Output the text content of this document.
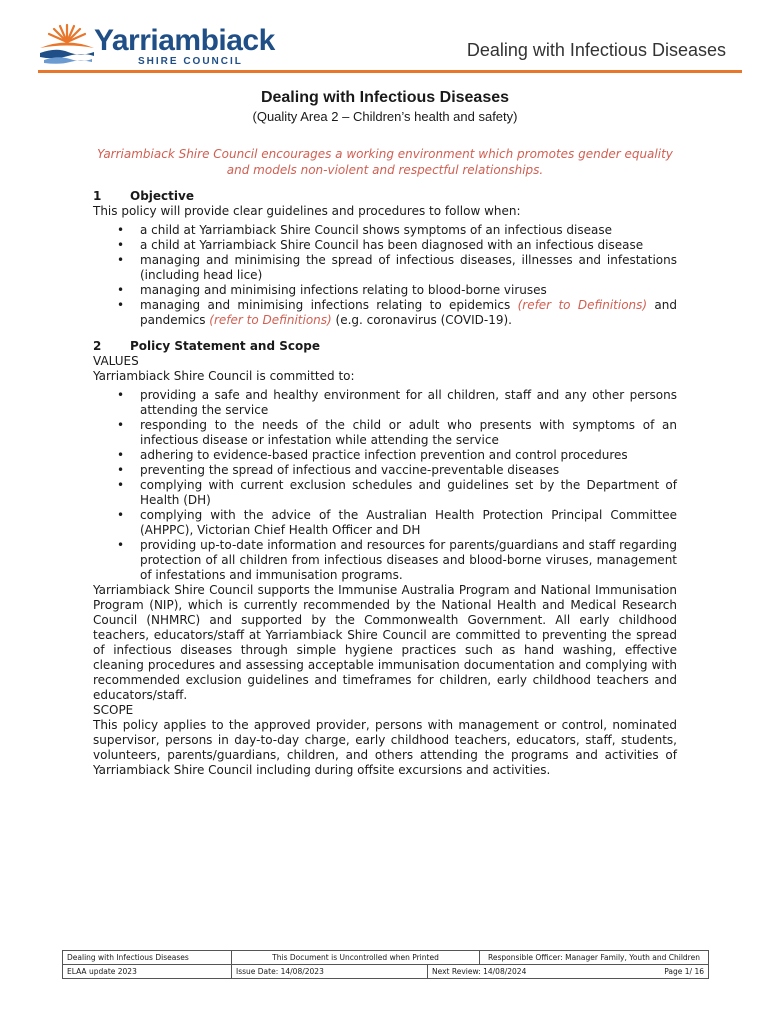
Yarriambiack
SHIRE COUNCIL
Dealing with Infectious Diseases
Dealing with Infectious Diseases
(Quality Area 2 – Children’s health and safety)

Yarriambiack Shire Council encourages a working environment which promotes gender equality and models non-violent and respectful relationships.

1	Objective

This policy will provide clear guidelines and procedures to follow when:

• a child at Yarriambiack Shire Council shows symptoms of an infectious disease
• a child at Yarriambiack Shire Council has been diagnosed with an infectious disease
• managing and minimising the spread of infectious diseases, illnesses and infestations (including head lice)
• managing and minimising infections relating to blood-borne viruses
• managing and minimising infections relating to epidemics (refer to Definitions) and pandemics (refer to Definitions) (e.g. coronavirus (COVID-19).
2	Policy Statement and Scope

VALUES

Yarriambiack Shire Council is committed to:

• providing a safe and healthy environment for all children, staff and any other persons attending the service
• responding to the needs of the child or adult who presents with symptoms of an infectious disease or infestation while attending the service
• adhering to evidence-based practice infection prevention and control procedures
• preventing the spread of infectious and vaccine-preventable diseases
• complying with current exclusion schedules and guidelines set by the Department of Health (DH)
• complying with the advice of the Australian Health Protection Principal Committee (AHPPC), Victorian Chief Health Officer and DH
• providing up-to-date information and resources for parents/guardians and staff regarding protection of all children from infectious diseases and blood-borne viruses, management of infestations and immunisation programs.

Yarriambiack Shire Council supports the Immunise Australia Program and National Immunisation Program (NIP), which is currently recommended by the National Health and Medical Research Council (NHMRC) and supported by the Commonwealth Government. All early childhood teachers, educators/staff at Yarriambiack Shire Council are committed to preventing the spread of infectious diseases through simple hygiene practices such as hand washing, effective cleaning procedures and assessing acceptable immunisation documentation and complying with recommended exclusion guidelines and timeframes for children, early childhood teachers and educators/staff.

SCOPE

This policy applies to the approved provider, persons with management or control, nominated supervisor, persons in day-to-day charge, early childhood teachers, educators, staff, students, volunteers, parents/guardians, children, and others attending the programs and activities of Yarriambiack Shire Council including during offsite excursions and activities.

Dealing with Infectious Diseases	This Document is Uncontrolled when Printed		Responsible Officer: Manager Family, Youth and Children
ELAA update 2023	Issue Date: 14/08/2023	Next Review: 14/08/2024 Page 1/ 16	
